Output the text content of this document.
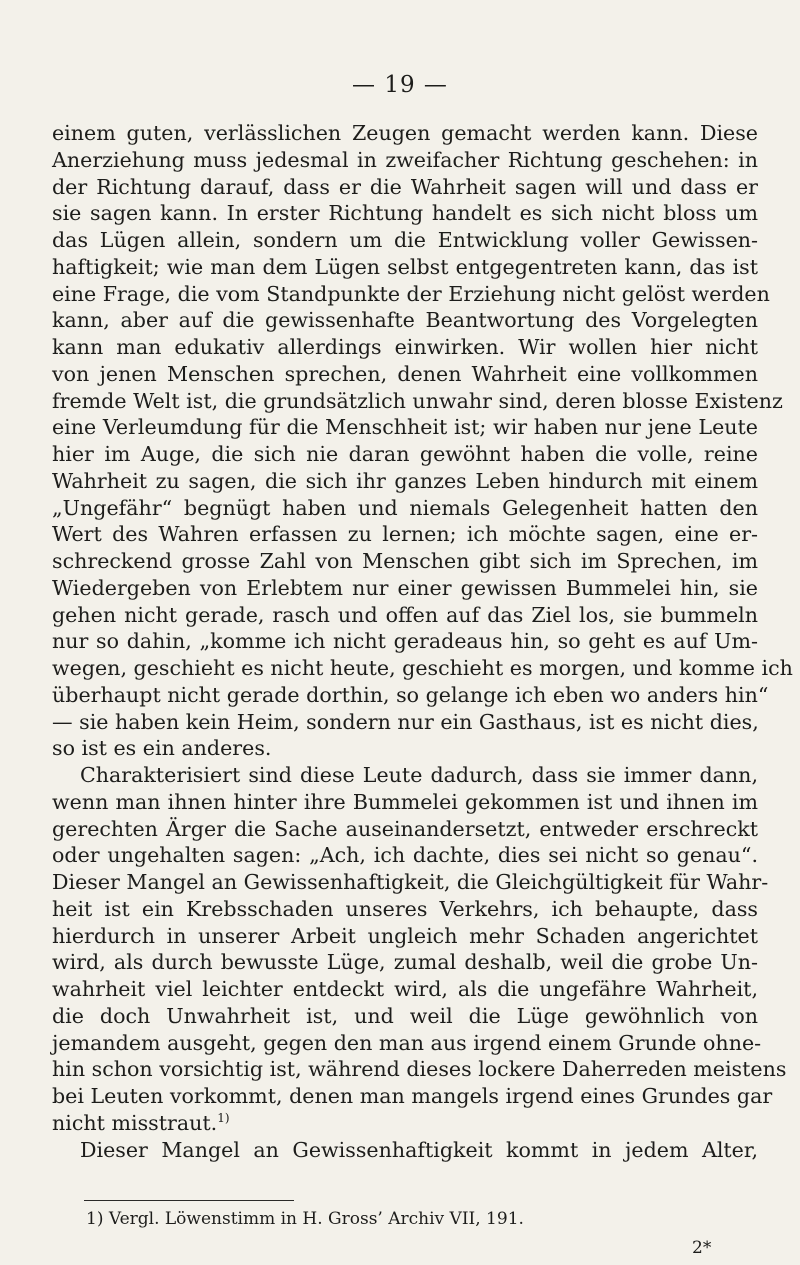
— 19 —
einem guten, verlässlichen Zeugen gemacht werden kann. Diese
Anerziehung muss jedesmal in zweifacher Richtung geschehen: in
der Richtung darauf, dass er die Wahrheit sagen will und dass er
sie sagen kann. In erster Richtung handelt es sich nicht bloss um
das Lügen allein, sondern um die Entwicklung voller Gewissen-
haftigkeit; wie man dem Lügen selbst entgegentreten kann, das ist
eine Frage, die vom Standpunkte der Erziehung nicht gelöst werden
kann, aber auf die gewissenhafte Beantwortung des Vorgelegten
kann man edukativ allerdings einwirken. Wir wollen hier nicht
von jenen Menschen sprechen, denen Wahrheit eine vollkommen
fremde Welt ist, die grundsätzlich unwahr sind, deren blosse Existenz
eine Verleumdung für die Menschheit ist; wir haben nur jene Leute
hier im Auge, die sich nie daran gewöhnt haben die volle, reine
Wahrheit zu sagen, die sich ihr ganzes Leben hindurch mit einem
„Ungefähr“ begnügt haben und niemals Gelegenheit hatten den
Wert des Wahren erfassen zu lernen; ich möchte sagen, eine er-
schreckend grosse Zahl von Menschen gibt sich im Sprechen, im
Wiedergeben von Erlebtem nur einer gewissen Bummelei hin, sie
gehen nicht gerade, rasch und offen auf das Ziel los, sie bummeln
nur so dahin, „komme ich nicht geradeaus hin, so geht es auf Um-
wegen, geschieht es nicht heute, geschieht es morgen, und komme ich
überhaupt nicht gerade dorthin, so gelange ich eben wo anders hin“
— sie haben kein Heim, sondern nur ein Gasthaus, ist es nicht dies,
so ist es ein anderes.
Charakterisiert sind diese Leute dadurch, dass sie immer dann,
wenn man ihnen hinter ihre Bummelei gekommen ist und ihnen im
gerechten Ärger die Sache auseinandersetzt, entweder erschreckt
oder ungehalten sagen: „Ach, ich dachte, dies sei nicht so genau“.
Dieser Mangel an Gewissenhaftigkeit, die Gleichgültigkeit für Wahr-
heit ist ein Krebsschaden unseres Verkehrs, ich behaupte, dass
hierdurch in unserer Arbeit ungleich mehr Schaden angerichtet
wird, als durch bewusste Lüge, zumal deshalb, weil die grobe Un-
wahrheit viel leichter entdeckt wird, als die ungefähre Wahrheit,
die doch Unwahrheit ist, und weil die Lüge gewöhnlich von
jemandem ausgeht, gegen den man aus irgend einem Grunde ohne-
hin schon vorsichtig ist, während dieses lockere Daherreden meistens
bei Leuten vorkommt, denen man mangels irgend eines Grundes gar
nicht misstraut.$^{1)}$
Dieser Mangel an Gewissenhaftigkeit kommt in jedem Alter,
1) Vergl. Löwenstimm in H. Gross’ Archiv VII, 191.
2*
